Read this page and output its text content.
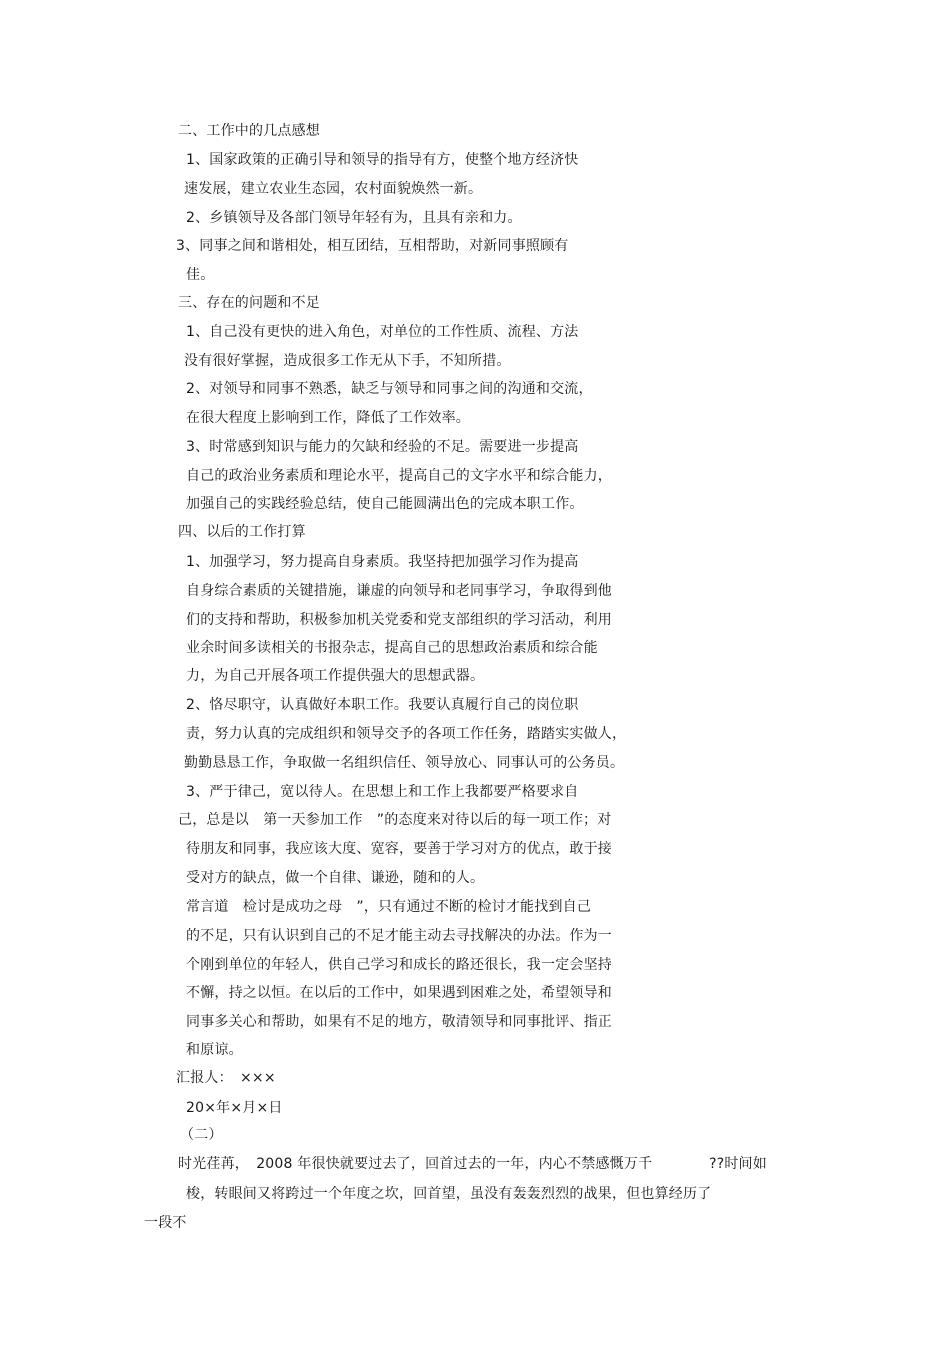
二、工作中的几点感想
1、国家政策的正确引导和领导的指导有方，使整个地方经济快
速发展，建立农业生态园，农村面貌焕然一新。
2、乡镇领导及各部门领导年轻有为，且具有亲和力。
3、同事之间和谐相处，相互团结，互相帮助，对新同事照顾有
佳。
三、存在的问题和不足
1、自己没有更快的进入角色，对单位的工作性质、流程、方法
没有很好掌握，造成很多工作无从下手，不知所措。
2、对领导和同事不熟悉，缺乏与领导和同事之间的沟通和交流，
在很大程度上影响到工作，降低了工作效率。
3、时常感到知识与能力的欠缺和经验的不足。需要进一步提高
自己的政治业务素质和理论水平，提高自己的文字水平和综合能力，
加强自己的实践经验总结，使自己能圆满出色的完成本职工作。
四、以后的工作打算
1、加强学习，努力提高自身素质。我坚持把加强学习作为提高
自身综合素质的关键措施，谦虚的向领导和老同事学习，争取得到他
们的支持和帮助，积极参加机关党委和党支部组织的学习活动，利用
业余时间多读相关的书报杂志，提高自己的思想政治素质和综合能
力，为自己开展各项工作提供强大的思想武器。
2、恪尽职守，认真做好本职工作。我要认真履行自己的岗位职
责，努力认真的完成组织和领导交予的各项工作任务，踏踏实实做人，
勤勤恳恳工作，争取做一名组织信任、领导放心、同事认可的公务员。
3、严于律己，宽以待人。在思想上和工作上我都要严格要求自
己，总是以　第一天参加工作　”的态度来对待以后的每一项工作；对
待朋友和同事，我应该大度、宽容，要善于学习对方的优点，敢于接
受对方的缺点，做一个自律、谦逊，随和的人。
常言道　检讨是成功之母　”，只有通过不断的检讨才能找到自己
的不足，只有认识到自己的不足才能主动去寻找解决的办法。作为一
个刚到单位的年轻人，供自己学习和成长的路还很长，我一定会坚持
不懈，持之以恒。在以后的工作中，如果遇到困难之处，希望领导和
同事多关心和帮助，如果有不足的地方，敬清领导和同事批评、指正
和原谅。
汇报人：　×××
20×年×月×日
（二）
时光荏苒，　2008 年很快就要过去了，回首过去的一年，内心不禁感慨万千　　　　??时间如
梭，转眼间又将跨过一个年度之坎，回首望，虽没有轰轰烈烈的战果，但也算经历了
一段不
